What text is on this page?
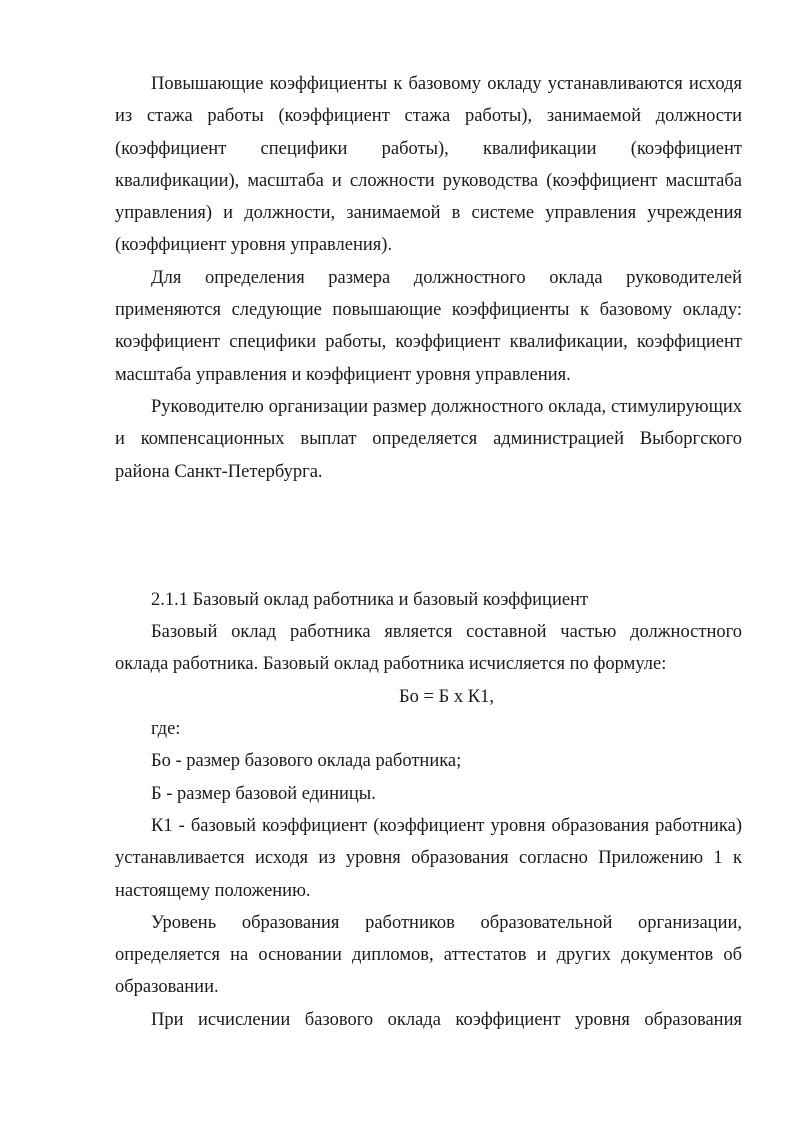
Повышающие коэффициенты к базовому окладу устанавливаются исходя из стажа работы (коэффициент стажа работы), занимаемой должности (коэффициент специфики работы), квалификации (коэффициент квалификации), масштаба и сложности руководства (коэффициент масштаба управления) и должности, занимаемой в системе управления учреждения (коэффициент уровня управления).

Для определения размера должностного оклада руководителей применяются следующие повышающие коэффициенты к базовому окладу: коэффициент специфики работы, коэффициент квалификации, коэффициент масштаба управления и коэффициент уровня управления.

Руководителю организации размер должностного оклада, стимулирующих и компенсационных выплат определяется администрацией Выборгского района Санкт-Петербурга.

2.1.1 Базовый оклад работника и базовый коэффициент

Базовый оклад работника является составной частью должностного оклада работника. Базовый оклад работника исчисляется по формуле:

Бо = Б х К1,

где:

Бо - размер базового оклада работника;

Б - размер базовой единицы.

К1 - базовый коэффициент (коэффициент уровня образования работника) устанавливается исходя из уровня образования согласно Приложению 1 к настоящему положению.

Уровень образования работников образовательной организации, определяется на основании дипломов, аттестатов и других документов об образовании.

При исчислении базового оклада коэффициент уровня образования
